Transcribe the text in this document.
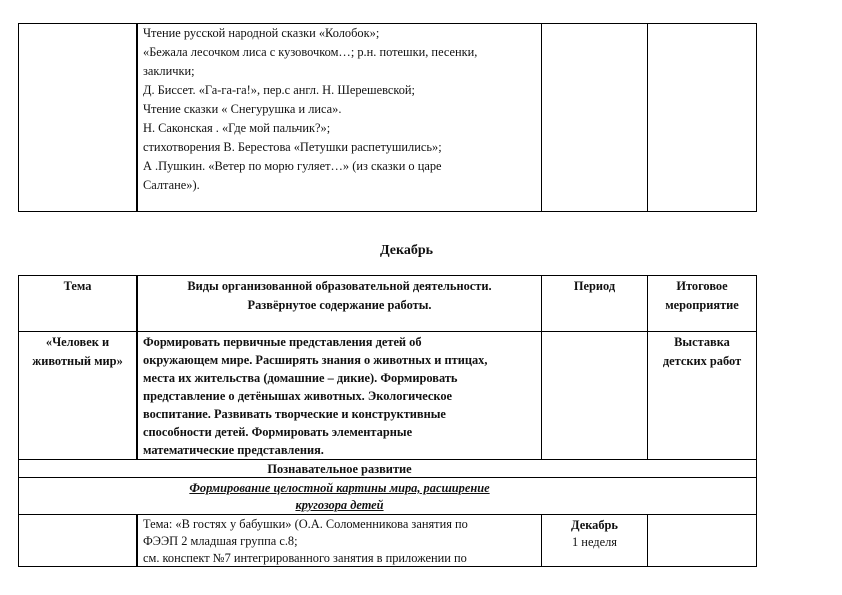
Чтение русской народной сказки «Колобок»;
«Бежала лесочком лиса с кузовочком…; р.н. потешки, песенки,
заклички;
Д. Биссет. «Га-га-га!», пер.с англ. Н. Шерешевской;
Чтение сказки « Снегурушка и лиса».
Н. Саконская . «Где мой пальчик?»;
стихотворения В. Берестова «Петушки распетушились»;
А .Пушкин. «Ветер по морю гуляет…» (из сказки о царе
Салтане»).
Декабрь
Тема	Виды организованной образовательной деятельности.
Развёрнутое содержание работы.
Период	Итоговое
мероприятие
«Человек и
животный мир»
Формировать первичные представления детей об
окружающем мире. Расширять знания о животных и птицах,
места их жительства (домашние – дикие). Формировать
представление о детёнышах животных. Экологическое
воспитание. Развивать творческие и конструктивные
способности детей. Формировать элементарные
математические представления.
Выставка
детских работ
Познавательное развитие
Формирование целостной картины мира, расширение
кругозора детей
Тема: «В гостях у бабушки» (О.А. Соломенникова занятия по
ФЭЭП 2 младшая группа с.8;
см. конспект №7 интегрированного занятия в приложении по
Декабрь
1 неделя
